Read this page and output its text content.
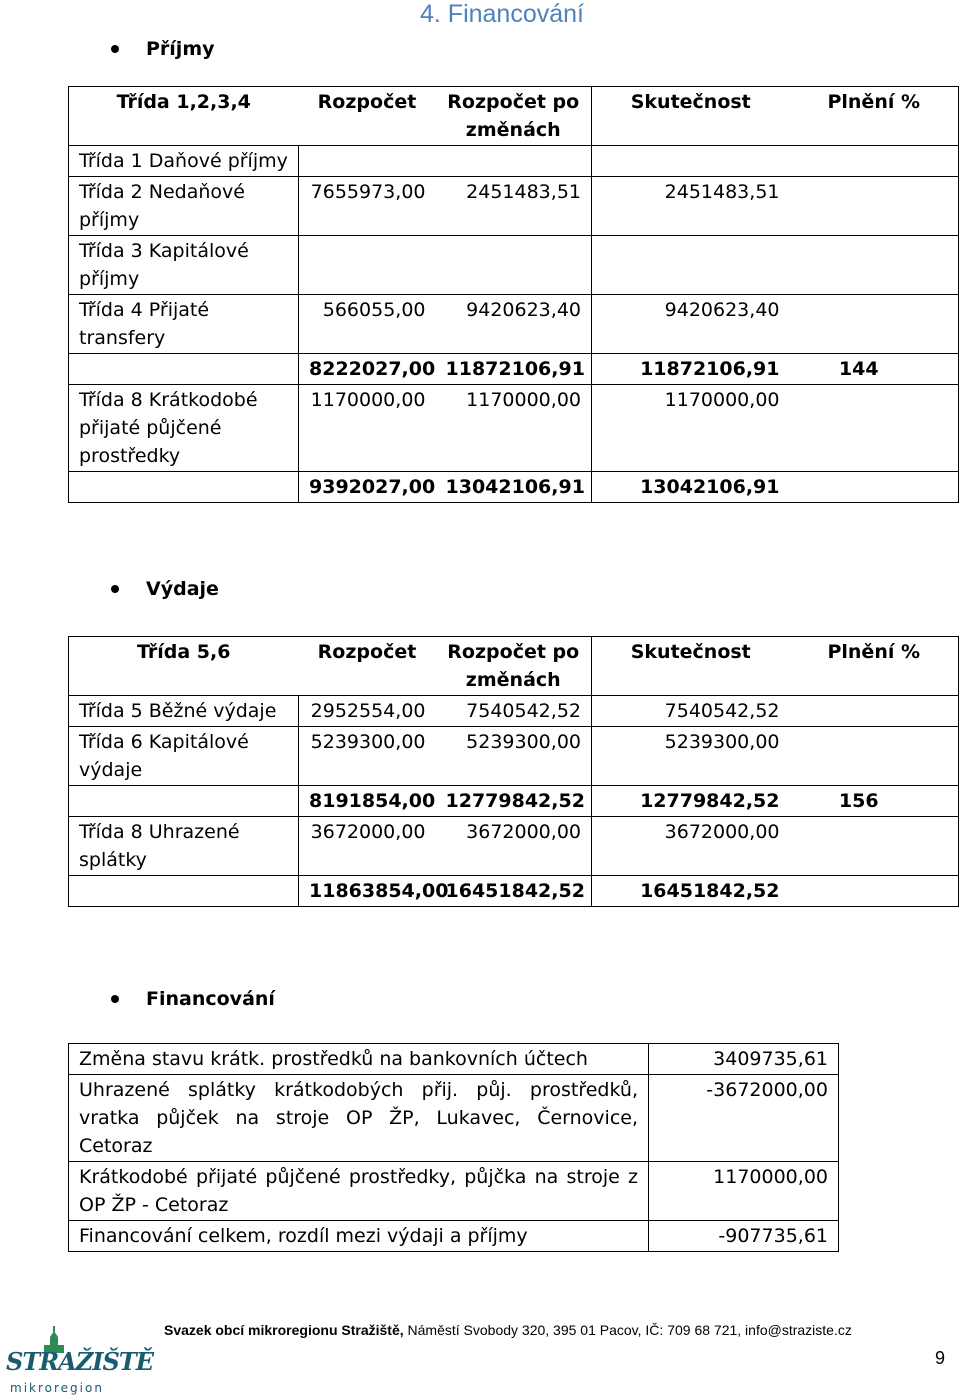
4. Financování
Příjmy
Třída 1,2,3,4	Rozpočet	Rozpočet po změnách	Skutečnost	Plnění %
Třída 1 Daňové příjmy				
Třída 2 Nedaňové příjmy	7655973,00	2451483,51	2451483,51	
Třída 3 Kapitálové příjmy				
Třída 4 Přijaté transfery	566055,00	9420623,40	9420623,40	
	8222027,00	11872106,91	11872106,91	144
Třída 8 Krátkodobé přijaté půjčené prostředky	1170000,00	1170000,00	1170000,00	
	9392027,00	13042106,91	13042106,91	
Výdaje
Třída 5,6	Rozpočet	Rozpočet po změnách	Skutečnost	Plnění %
Třída 5 Běžné výdaje	2952554,00	7540542,52	7540542,52	
Třída 6 Kapitálové výdaje	5239300,00	5239300,00	5239300,00	
	8191854,00	12779842,52	12779842,52	156
Třída 8 Uhrazené splátky	3672000,00	3672000,00	3672000,00	
	11863854,00	16451842,52	16451842,52	
Financování
Změna stavu krátk. prostředků na bankovních účtech	3409735,61
Uhrazené splátky krátkodobých přij. půj. prostředků, vratka půjček na stroje OP ŽP, Lukavec, Černovice, Cetoraz	-3672000,00
Krátkodobé přijaté půjčené prostředky, půjčka na stroje z OP ŽP - Cetoraz	1170000,00
Financování celkem, rozdíl mezi výdaji a příjmy	-907735,61
STRAŽIŠTĚ
mikroregion
Svazek obcí mikroregionu Stražiště, Náměstí Svobody 320, 395 01 Pacov, IČ: 709 68 721, info@straziste.cz
9
